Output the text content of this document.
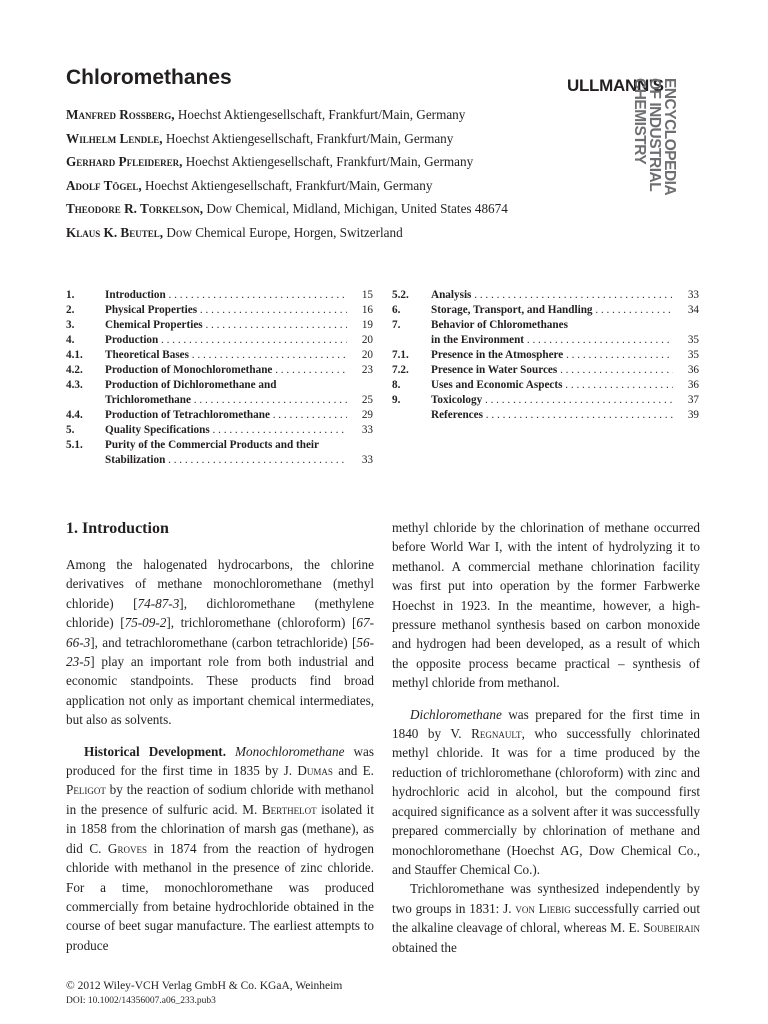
Chloromethanes	ULLMANN'S
ENCYCLOPEDIA
OF INDUSTRIAL
CHEMISTRY
Manfred Rossberg, Hoechst Aktiengesellschaft, Frankfurt/Main, Germany
Wilhelm Lendle, Hoechst Aktiengesellschaft, Frankfurt/Main, Germany
Gerhard Pfleiderer, Hoechst Aktiengesellschaft, Frankfurt/Main, Germany
Adolf Tögel, Hoechst Aktiengesellschaft, Frankfurt/Main, Germany
Theodore R. Torkelson, Dow Chemical, Midland, Michigan, United States 48674
Klaus K. Beutel, Dow Chemical Europe, Horgen, Switzerland
1.	Introduction . . .	15
2.	Physical Properties . . .	16
3.	Chemical Properties . . .	19
4.	Production . . .	20
4.1.	Theoretical Bases . . .	20
4.2.	Production of Monochloromethane . . .	23
4.3.	Production of Dichloromethane and
Trichloromethane . . .	25
4.4.	Production of Tetrachloromethane . . .	29
5.	Quality Specifications . . .	33
5.1.	Purity of the Commercial Products and their
Stabilization . . .	33
5.2.	Analysis . . .	33
6.	Storage, Transport, and Handling . . .	34
7.	Behavior of Chloromethanes
in the Environment . . .	35
7.1.	Presence in the Atmosphere . . .	35
7.2.	Presence in Water Sources . . .	36
8.	Uses and Economic Aspects . . .	36
9.	Toxicology . . .	37
References . . .	39
1. Introduction

Among the halogenated hydrocarbons, the chlorine derivatives of methane monochloromethane (methyl chloride) [74-87-3], dichloromethane (methylene chloride) [75-09-2], trichloromethane (chloroform) [67-66-3], and tetrachloromethane (carbon tetrachloride) [56-23-5] play an important role from both industrial and economic standpoints. These products find broad application not only as important chemical intermediates, but also as solvents.

Historical Development. Monochloromethane was produced for the first time in 1835 by J. Dumas and E. Peligot by the reaction of sodium chloride with methanol in the presence of sulfuric acid. M. Berthelot isolated it in 1858 from the chlorination of marsh gas (methane), as did C. Groves in 1874 from the reaction of hydrogen chloride with methanol in the presence of zinc chloride. For a time, monochloromethane was produced commercially from betaine hydrochloride obtained in the course of beet sugar manufacture. The earliest attempts to produce

methyl chloride by the chlorination of methane occurred before World War I, with the intent of hydrolyzing it to methanol. A commercial methane chlorination facility was first put into operation by the former Farbwerke Hoechst in 1923. In the meantime, however, a high-pressure methanol synthesis based on carbon monoxide and hydrogen had been developed, as a result of which the opposite process became practical – synthesis of methyl chloride from methanol.

Dichloromethane was prepared for the first time in 1840 by V. Regnault, who successfully chlorinated methyl chloride. It was for a time produced by the reduction of trichloromethane (chloroform) with zinc and hydrochloric acid in alcohol, but the compound first acquired significance as a solvent after it was successfully prepared commercially by chlorination of methane and monochloromethane (Hoechst AG, Dow Chemical Co., and Stauffer Chemical Co.).

Trichloromethane was synthesized independently by two groups in 1831: J. von Liebig successfully carried out the alkaline cleavage of chloral, whereas M. E. Soubeirain obtained the

© 2012 Wiley-VCH Verlag GmbH & Co. KGaA, Weinheim
DOI: 10.1002/14356007.a06_233.pub3
